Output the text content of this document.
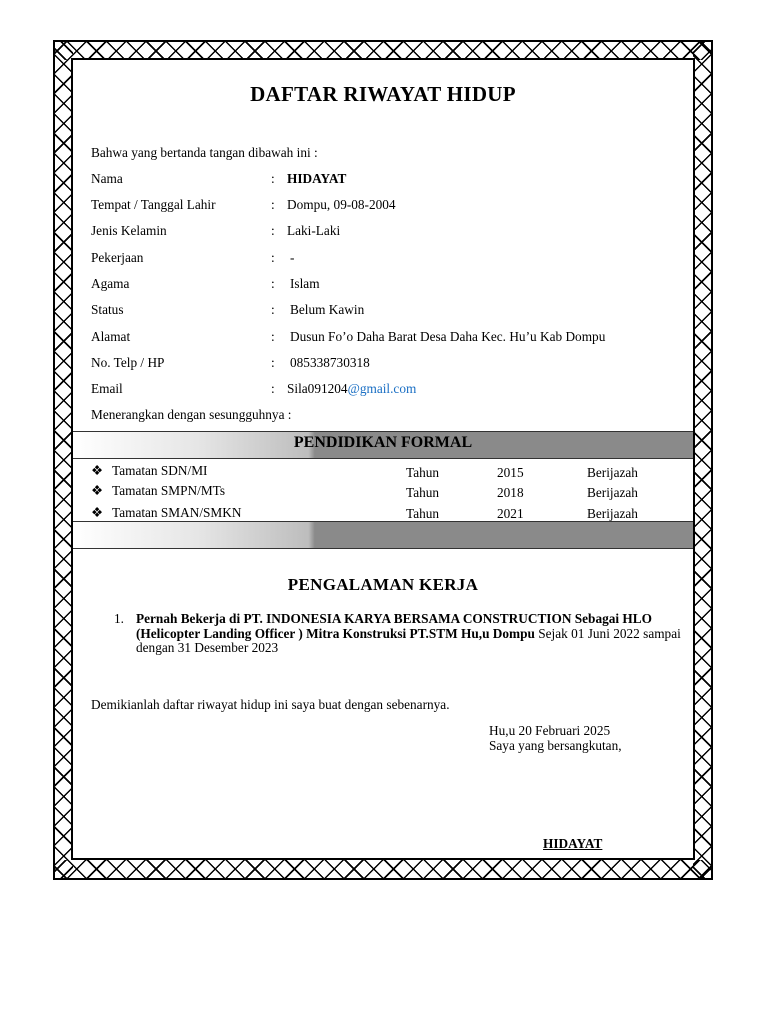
DAFTAR RIWAYAT HIDUP
Bahwa yang bertanda tangan dibawah ini :
Nama	: HIDAYAT
Tempat / Tanggal Lahir	: Dompu, 09-08-2004
Jenis Kelamin	: Laki-Laki
Pekerjaan	: -
Agama	: Islam
Status	: Belum Kawin
Alamat	: Dusun Fo’o Daha Barat Desa Daha Kec. Hu’u Kab Dompu
No. Telp / HP	: 085338730318
Email	: Sila091204@gmail.com
Menerangkan dengan sesungguhnya :
PENDIDIKAN FORMAL
❖ Tamatan SDN/MI	Tahun	2015	Berijazah
❖ Tamatan SMPN/MTs	Tahun	2018	Berijazah
❖ Tamatan SMAN/SMKN	Tahun	2021	Berijazah
PENGALAMAN KERJA
1. Pernah Bekerja di PT. INDONESIA KARYA BERSAMA CONSTRUCTION Sebagai HLO (Helicopter Landing Officer ) Mitra Konstruksi PT.STM Hu,u Dompu Sejak 01 Juni 2022 sampai dengan 31 Desember 2023
Demikianlah daftar riwayat hidup ini saya buat dengan sebenarnya.
Hu,u 20 Februari 2025
Saya yang bersangkutan,
HIDAYAT
